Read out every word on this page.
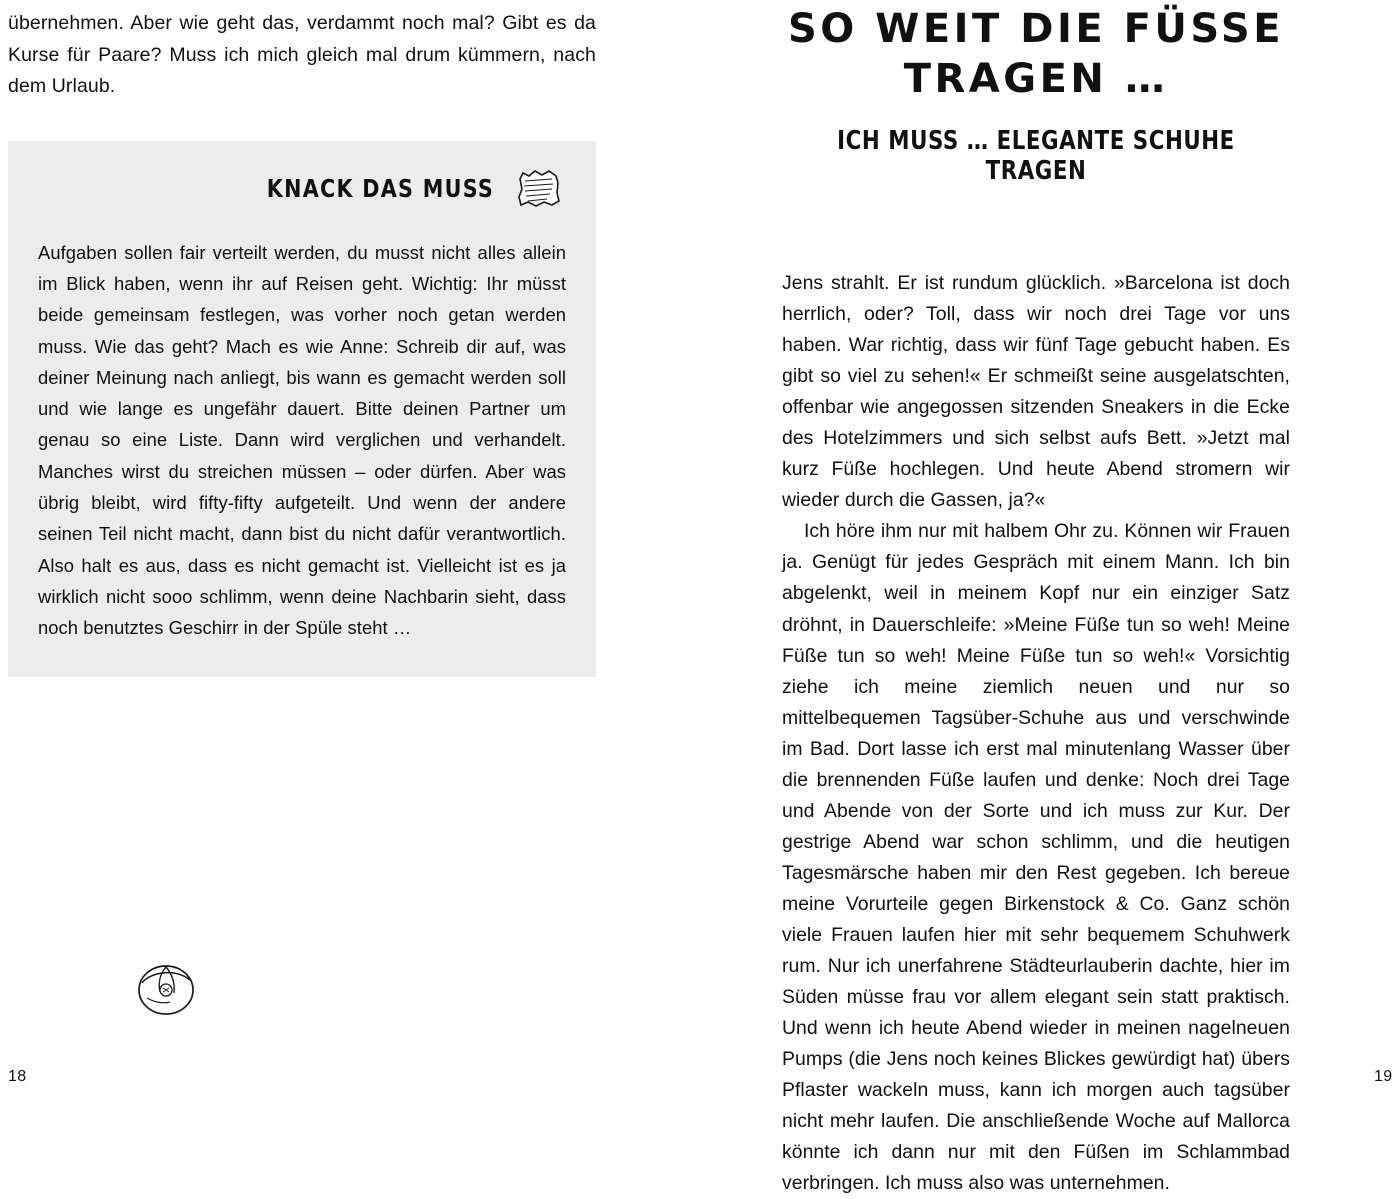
übernehmen. Aber wie geht das, verdammt noch mal? Gibt es da Kurse für Paare? Muss ich mich gleich mal drum kümmern, nach dem Urlaub.

KNACK DAS MUSS

Aufgaben sollen fair verteilt werden, du musst nicht alles allein im Blick haben, wenn ihr auf Reisen geht. Wichtig: Ihr müsst beide gemeinsam festlegen, was vorher noch getan werden muss. Wie das geht? Mach es wie Anne: Schreib dir auf, was deiner Meinung nach anliegt, bis wann es gemacht werden soll und wie lange es ungefähr dauert. Bitte deinen Partner um genau so eine Liste. Dann wird verglichen und verhandelt. Manches wirst du streichen müssen – oder dürfen. Aber was übrig bleibt, wird fifty-fifty aufgeteilt. Und wenn der andere seinen Teil nicht macht, dann bist du nicht dafür verantwortlich. Also halt es aus, dass es nicht gemacht ist. Vielleicht ist es ja wirklich nicht sooo schlimm, wenn deine Nachbarin sieht, dass noch benutztes Geschirr in der Spüle steht …

18
SO WEIT DIE FÜSSE TRAGEN …
ICH MUSS … ELEGANTE SCHUHE TRAGEN

Jens strahlt. Er ist rundum glücklich. »Barcelona ist doch herrlich, oder? Toll, dass wir noch drei Tage vor uns haben. War richtig, dass wir fünf Tage gebucht haben. Es gibt so viel zu sehen!« Er schmeißt seine ausgelatschten, offenbar wie angegossen sitzenden Sneakers in die Ecke des Hotelzimmers und sich selbst aufs Bett. »Jetzt mal kurz Füße hochlegen. Und heute Abend stromern wir wieder durch die Gassen, ja?«

Ich höre ihm nur mit halbem Ohr zu. Können wir Frauen ja. Genügt für jedes Gespräch mit einem Mann. Ich bin abgelenkt, weil in meinem Kopf nur ein einziger Satz dröhnt, in Dauerschleife: »Meine Füße tun so weh! Meine Füße tun so weh! Meine Füße tun so weh!« Vorsichtig ziehe ich meine ziemlich neuen und nur so mittelbequemen Tagsüber-Schuhe aus und verschwinde im Bad. Dort lasse ich erst mal minutenlang Wasser über die brennenden Füße laufen und denke: Noch drei Tage und Abende von der Sorte und ich muss zur Kur. Der gestrige Abend war schon schlimm, und die heutigen Tagesmärsche haben mir den Rest gegeben. Ich bereue meine Vorurteile gegen Birkenstock & Co. Ganz schön viele Frauen laufen hier mit sehr bequemem Schuhwerk rum. Nur ich unerfahrene Städteurlauberin dachte, hier im Süden müsse frau vor allem elegant sein statt praktisch. Und wenn ich heute Abend wieder in meinen nagelneuen Pumps (die Jens noch keines Blickes gewürdigt hat) übers Pflaster wackeln muss, kann ich morgen auch tagsüber nicht mehr laufen. Die anschließende Woche auf Mallorca könnte ich dann nur mit den Füßen im Schlammbad verbringen. Ich muss also was unternehmen.

19
